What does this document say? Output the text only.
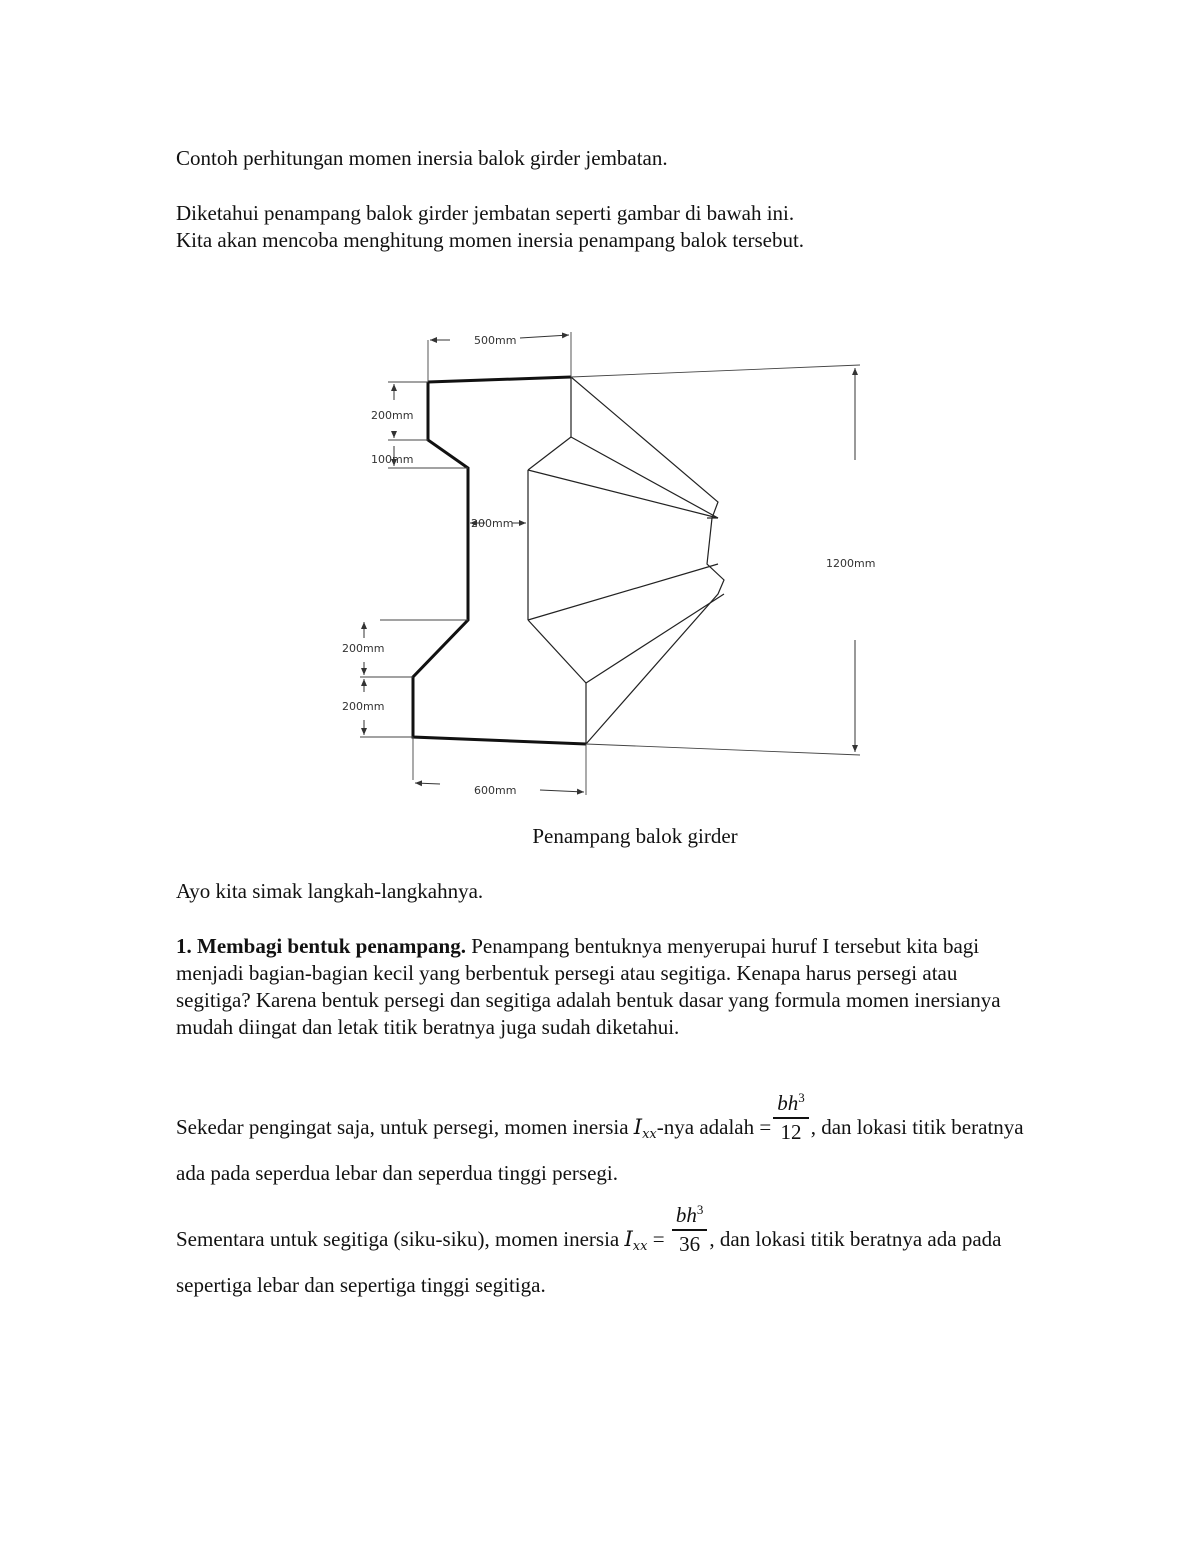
Contoh perhitungan momen inersia balok girder jembatan.

Diketahui penampang balok girder jembatan seperti gambar di bawah ini.

Kita akan mencoba menghitung momen inersia penampang balok tersebut.

500mm
600mm
1200mm
200mm
100mm
200mm
200mm
200mm
Penampang balok girder

Ayo kita simak langkah-langkahnya.

1. Membagi bentuk penampang. Penampang bentuknya menyerupai huruf I tersebut kita bagi menjadi bagian-bagian kecil yang berbentuk persegi atau segitiga. Kenapa harus persegi atau segitiga? Karena bentuk persegi dan segitiga adalah bentuk dasar yang formula momen inersianya mudah diingat dan letak titik beratnya juga sudah diketahui.

Sekedar pengingat saja, untuk persegi, momen inersia $I_{xx}$-nya adalah = $\frac{bh^3}{12}$ , dan lokasi titik beratnya ada pada seperdua lebar dan seperdua tinggi persegi.

Sementara untuk segitiga (siku-siku), momen inersia $I_{xx} = \frac{bh^3}{36}$ , dan lokasi titik beratnya ada pada sepertiga lebar dan sepertiga tinggi segitiga.
